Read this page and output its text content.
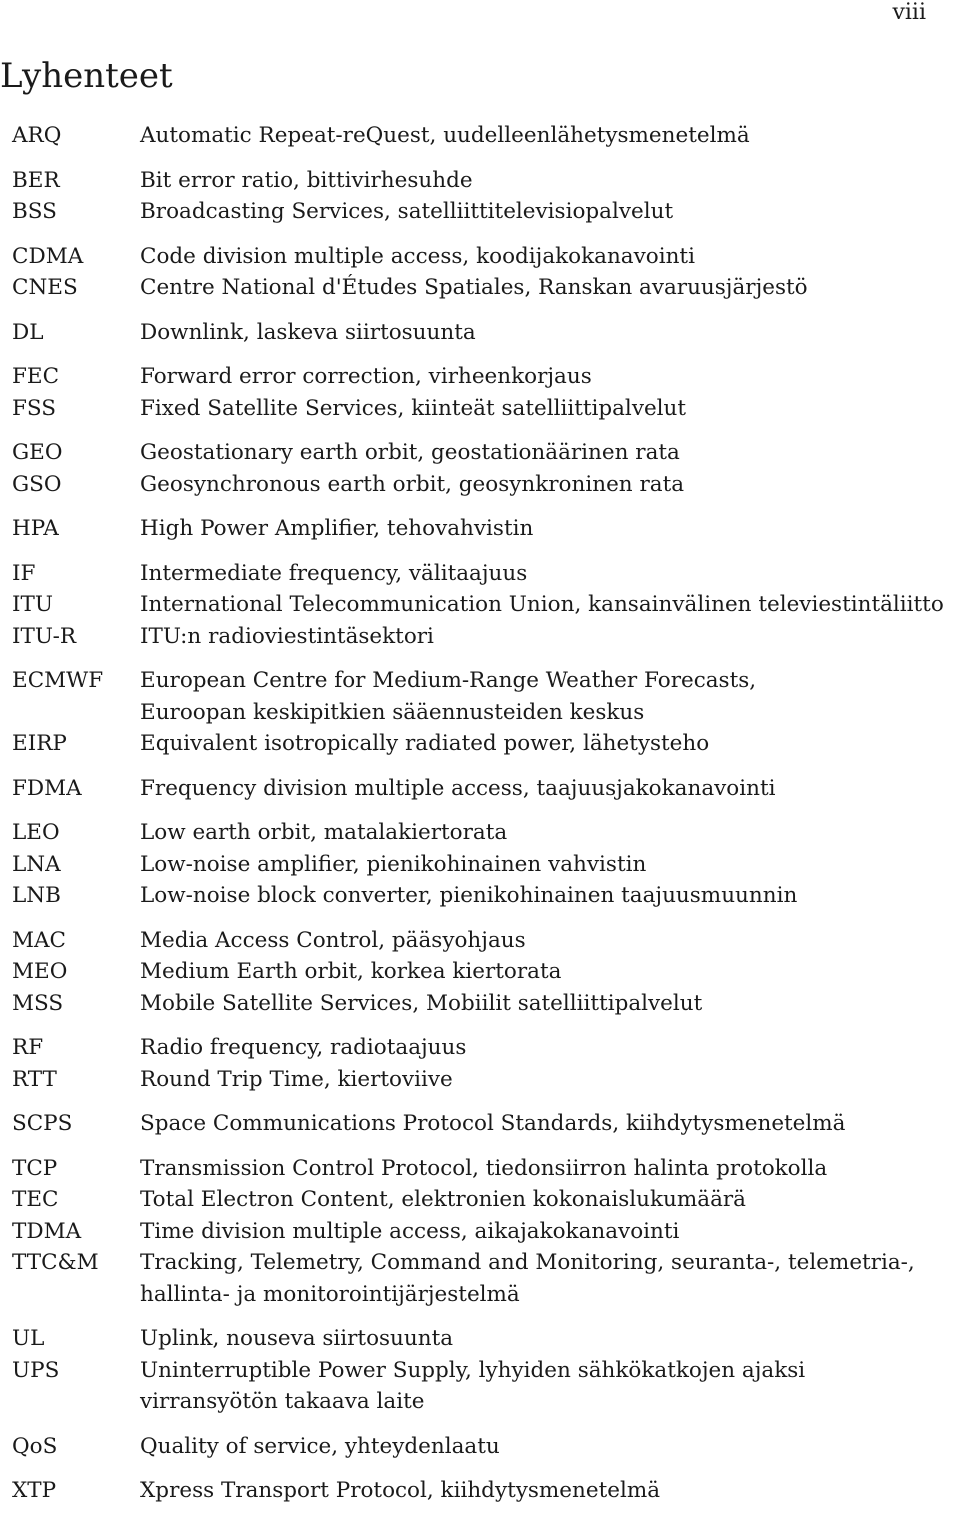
viii
Lyhenteet
ARQ	Automatic Repeat-reQuest, uudelleenlähetysmenetelmä
BER	Bit error ratio, bittivirhesuhde
BSS	Broadcasting Services, satelliittitelevisiopalvelut
CDMA	Code division multiple access, koodijakokanavointi
CNES	Centre National d'Études Spatiales, Ranskan avaruusjärjestö
DL	Downlink, laskeva siirtosuunta
FEC	Forward error correction, virheenkorjaus
FSS	Fixed Satellite Services, kiinteät satelliittipalvelut
GEO	Geostationary earth orbit, geostationäärinen rata
GSO	Geosynchronous earth orbit, geosynkroninen rata
HPA	High Power Amplifier, tehovahvistin
IF	Intermediate frequency, välitaajuus
ITU	International Telecommunication Union, kansainvälinen televiestintäliitto
ITU-R	ITU:n radioviestintäsektori
ECMWF European Centre for Medium-Range Weather Forecasts,
Euroopan keskipitkien sääennusteiden keskus
EIRP	Equivalent isotropically radiated power, lähetysteho
FDMA	Frequency division multiple access, taajuusjakokanavointi
LEO	Low earth orbit, matalakiertorata
LNA	Low-noise amplifier, pienikohinainen vahvistin
LNB	Low-noise block converter, pienikohinainen taajuusmuunnin
MAC	Media Access Control, pääsyohjaus
MEO	Medium Earth orbit, korkea kiertorata
MSS	Mobile Satellite Services, Mobiilit satelliittipalvelut
RF	Radio frequency, radiotaajuus
RTT	Round Trip Time, kiertoviive
SCPS	Space Communications Protocol Standards, kiihdytysmenetelmä
TCP	Transmission Control Protocol, tiedonsiirron halinta protokolla
TEC	Total Electron Content, elektronien kokonaislukumäärä
TDMA	Time division multiple access, aikajakokanavointi
TTC&M Tracking, Telemetry, Command and Monitoring, seuranta-, telemetria-,
hallinta- ja monitorointijärjestelmä
UL	Uplink, nouseva siirtosuunta
UPS	Uninterruptible Power Supply, lyhyiden sähkökatkojen ajaksi
virransyötön takaava laite
QoS	Quality of service, yhteydenlaatu
XTP	Xpress Transport Protocol, kiihdytysmenetelmä
